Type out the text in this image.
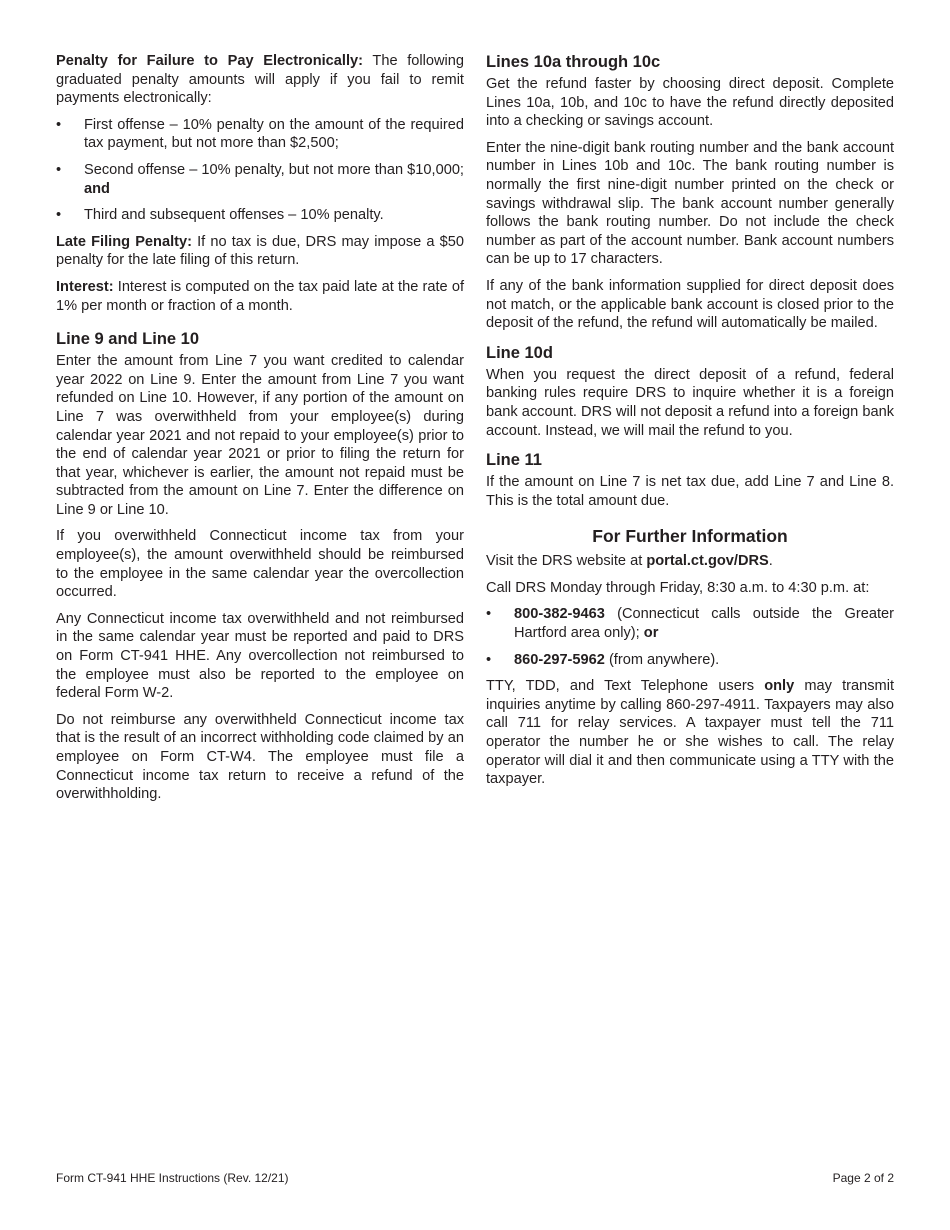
Penalty for Failure to Pay Electronically: The following graduated penalty amounts will apply if you fail to remit payments electronically:

• First offense – 10% penalty on the amount of the required tax payment, but not more than $2,500;
• Second offense – 10% penalty, but not more than $10,000; and
• Third and subsequent offenses – 10% penalty.

Late Filing Penalty: If no tax is due, DRS may impose a $50 penalty for the late filing of this return.

Interest: Interest is computed on the tax paid late at the rate of 1% per month or fraction of a month.

Line 9 and Line 10

Enter the amount from Line 7 you want credited to calendar year 2022 on Line 9. Enter the amount from Line 7 you want refunded on Line 10. However, if any portion of the amount on Line 7 was overwithheld from your employee(s) during calendar year 2021 and not repaid to your employee(s) prior to the end of calendar year 2021 or prior to filing the return for that year, whichever is earlier, the amount not repaid must be subtracted from the amount on Line 7. Enter the difference on Line 9 or Line 10.

If you overwithheld Connecticut income tax from your employee(s), the amount overwithheld should be reimbursed to the employee in the same calendar year the overcollection occurred.

Any Connecticut income tax overwithheld and not reimbursed in the same calendar year must be reported and paid to DRS on Form CT-941 HHE. Any overcollection not reimbursed to the employee must also be reported to the employee on federal Form W-2.

Do not reimburse any overwithheld Connecticut income tax that is the result of an incorrect withholding code claimed by an employee on Form CT-W4. The employee must file a Connecticut income tax return to receive a refund of the overwithholding.

Lines 10a through 10c

Get the refund faster by choosing direct deposit. Complete Lines 10a, 10b, and 10c to have the refund directly deposited into a checking or savings account.

Enter the nine-digit bank routing number and the bank account number in Lines 10b and 10c. The bank routing number is normally the first nine-digit number printed on the check or savings withdrawal slip. The bank account number generally follows the bank routing number. Do not include the check number as part of the account number. Bank account numbers can be up to 17 characters.

If any of the bank information supplied for direct deposit does not match, or the applicable bank account is closed prior to the deposit of the refund, the refund will automatically be mailed.

Line 10d

When you request the direct deposit of a refund, federal banking rules require DRS to inquire whether it is a foreign bank account. DRS will not deposit a refund into a foreign bank account. Instead, we will mail the refund to you.

Line 11

If the amount on Line 7 is net tax due, add Line 7 and Line 8. This is the total amount due.

For Further Information

Visit the DRS website at portal.ct.gov/DRS.

Call DRS Monday through Friday, 8:30 a.m. to 4:30 p.m. at:

• 800-382-9463 (Connecticut calls outside the Greater Hartford area only); or
• 860-297-5962 (from anywhere).

TTY, TDD, and Text Telephone users only may transmit inquiries anytime by calling 860-297-4911. Taxpayers may also call 711 for relay services. A taxpayer must tell the 711 operator the number he or she wishes to call. The relay operator will dial it and then communicate using a TTY with the taxpayer.

Form CT-941 HHE Instructions (Rev. 12/21)	Page 2 of 2
